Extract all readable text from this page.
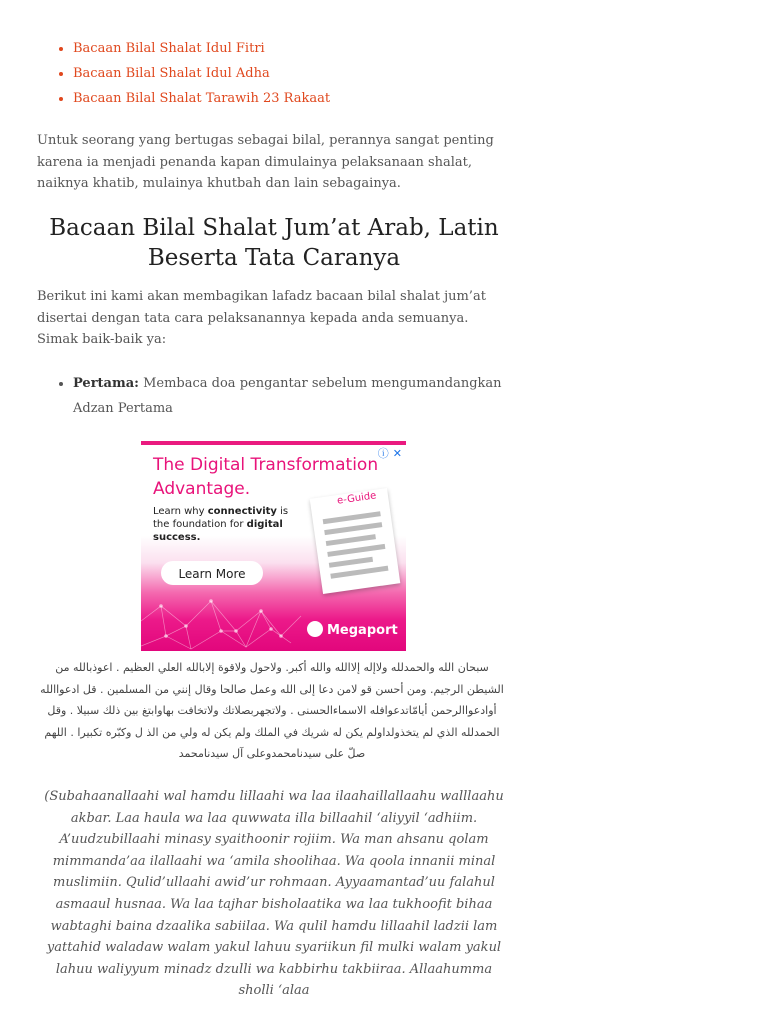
• Bacaan Bilal Shalat Idul Fitri
• Bacaan Bilal Shalat Idul Adha
• Bacaan Bilal Shalat Tarawih 23 Rakaat

Untuk seorang yang bertugas sebagai bilal, perannya sangat penting karena ia menjadi penanda kapan dimulainya pelaksanaan shalat, naiknya khatib, mulainya khutbah dan lain sebagainya.

Bacaan Bilal Shalat Jum’at Arab, Latin Beserta Tata Caranya

Berikut ini kami akan membagikan lafadz bacaan bilal shalat jum’at disertai dengan tata cara pelaksanannya kepada anda semuanya. Simak baik-baik ya:

• Pertama: Membaca doa pengantar sebelum mengumandangkan Adzan Pertama
ⓘ ✕
The Digital Transformation Advantage.
Learn why connectivity is the foundation for digital success.
e-Guide
Learn More
Megaport

سبحان الله والحمدلله ولاإله إلاالله والله أكبر. ولاحول ولاقوة إلابالله العلي العظيم . اعوذبالله من الشيطن الرجيم. ومن أحسن قو لامن دعا إلى الله وعمل صالحا وقال إنني من المسلمين . قل ادعواالله أوادعواالرحمن أيامّاتدعوافله الاسماءالحسنى . ولاتجهربصلاتك ولاتخافت بهاوابتغ بين ذلك سبيلا . وقل الحمدلله الذي لم يتخذولداولم يكن له شريك في الملك ولم يكن له ولي من الذ ل وكبّره تكبيرا . اللهم صلّ على سيدنامحمدوعلى آل سيدنامحمد

(Subahaanallaahi wal hamdu lillaahi wa laa ilaahaillallaahu walllaahu akbar. Laa haula wa laa quwwata illa billaahil ‘aliyyil ‘adhiim. A’uudzubillaahi minasy syaithoonir rojiim. Wa man ahsanu qolam mimmanda’aa ilallaahi wa ‘amila shoolihaa. Wa qoola innanii minal muslimiin. Qulid’ullaahi awid’ur rohmaan. Ayyaamantad’uu falahul asmaaul husnaa. Wa laa tajhar bisholaatika wa laa tukhoofit bihaa wabtaghi baina dzaalika sabiilaa. Wa qulil hamdu lillaahil ladzii lam yattahid waladaw walam yakul lahuu syariikun fil mulki walam yakul lahuu waliyyum minadz dzulli wa kabbirhu takbiiraa. Allaahumma sholli ‘alaa
